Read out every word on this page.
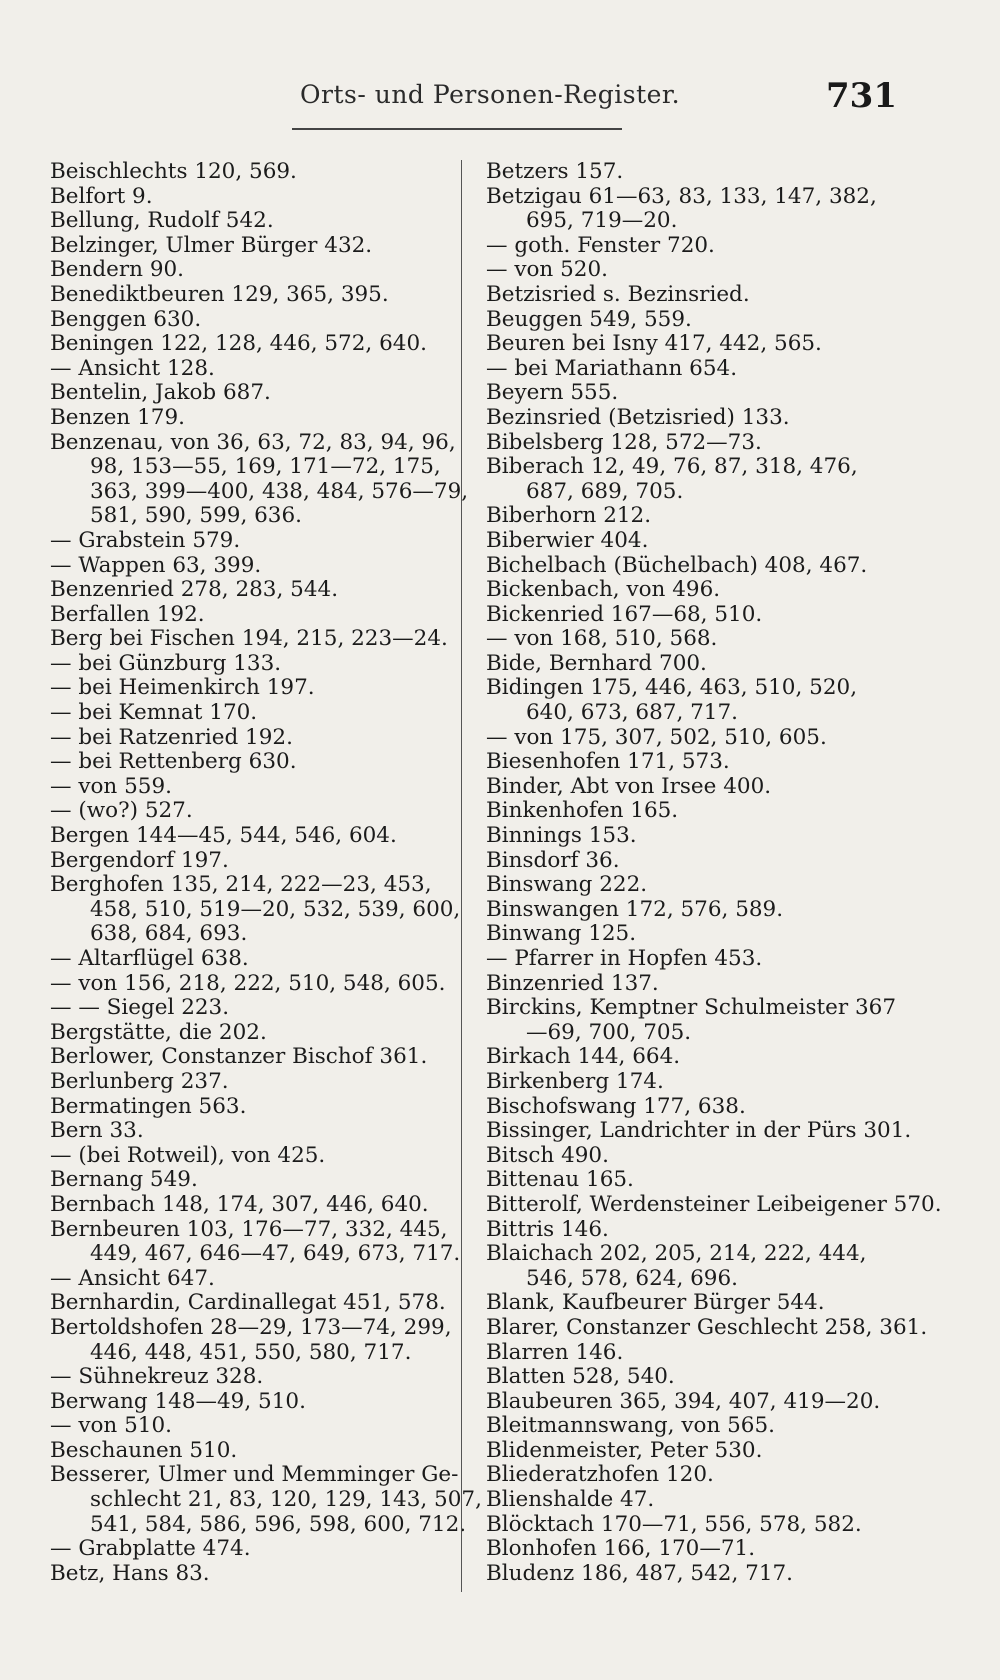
Orts- und Personen-Register.	731
Beischlechts 120, 569.
Belfort 9.
Bellung, Rudolf 542.
Belzinger, Ulmer Bürger 432.
Bendern 90.
Benediktbeuren 129, 365, 395.
Benggen 630.
Beningen 122, 128, 446, 572, 640.
— Ansicht 128.
Bentelin, Jakob 687.
Benzen 179.
Benzenau, von 36, 63, 72, 83, 94, 96,
98, 153—55, 169, 171—72, 175,
363, 399—400, 438, 484, 576—79,
581, 590, 599, 636.
— Grabstein 579.
— Wappen 63, 399.
Benzenried 278, 283, 544.
Berfallen 192.
Berg bei Fischen 194, 215, 223—24.
— bei Günzburg 133.
— bei Heimenkirch 197.
— bei Kemnat 170.
— bei Ratzenried 192.
— bei Rettenberg 630.
— von 559.
— (wo?) 527.
Bergen 144—45, 544, 546, 604.
Bergendorf 197.
Berghofen 135, 214, 222—23, 453,
458, 510, 519—20, 532, 539, 600,
638, 684, 693.
— Altarflügel 638.
— von 156, 218, 222, 510, 548, 605.
— — Siegel 223.
Bergstätte, die 202.
Berlower, Constanzer Bischof 361.
Berlunberg 237.
Bermatingen 563.
Bern 33.
— (bei Rotweil), von 425.
Bernang 549.
Bernbach 148, 174, 307, 446, 640.
Bernbeuren 103, 176—77, 332, 445,
449, 467, 646—47, 649, 673, 717.
— Ansicht 647.
Bernhardin, Cardinallegat 451, 578.
Bertoldshofen 28—29, 173—74, 299,
446, 448, 451, 550, 580, 717.
— Sühnekreuz 328.
Berwang 148—49, 510.
— von 510.
Beschaunen 510.
Besserer, Ulmer und Memminger Ge-
schlecht 21, 83, 120, 129, 143, 507,
541, 584, 586, 596, 598, 600, 712.
— Grabplatte 474.
Betz, Hans 83.
Betzers 157.
Betzigau 61—63, 83, 133, 147, 382,
695, 719—20.
— goth. Fenster 720.
— von 520.
Betzisried s. Bezinsried.
Beuggen 549, 559.
Beuren bei Isny 417, 442, 565.
— bei Mariathann 654.
Beyern 555.
Bezinsried (Betzisried) 133.
Bibelsberg 128, 572—73.
Biberach 12, 49, 76, 87, 318, 476,
687, 689, 705.
Biberhorn 212.
Biberwier 404.
Bichelbach (Büchelbach) 408, 467.
Bickenbach, von 496.
Bickenried 167—68, 510.
— von 168, 510, 568.
Bide, Bernhard 700.
Bidingen 175, 446, 463, 510, 520,
640, 673, 687, 717.
— von 175, 307, 502, 510, 605.
Biesenhofen 171, 573.
Binder, Abt von Irsee 400.
Binkenhofen 165.
Binnings 153.
Binsdorf 36.
Binswang 222.
Binswangen 172, 576, 589.
Binwang 125.
— Pfarrer in Hopfen 453.
Binzenried 137.
Birckins, Kemptner Schulmeister 367
—69, 700, 705.
Birkach 144, 664.
Birkenberg 174.
Bischofswang 177, 638.
Bissinger, Landrichter in der Pürs 301.
Bitsch 490.
Bittenau 165.
Bitterolf, Werdensteiner Leibeigener 570.
Bittris 146.
Blaichach 202, 205, 214, 222, 444,
546, 578, 624, 696.
Blank, Kaufbeurer Bürger 544.
Blarer, Constanzer Geschlecht 258, 361.
Blarren 146.
Blatten 528, 540.
Blaubeuren 365, 394, 407, 419—20.
Bleitmannswang, von 565.
Blidenmeister, Peter 530.
Bliederatzhofen 120.
Blienshalde 47.
Blöcktach 170—71, 556, 578, 582.
Blonhofen 166, 170—71.
Bludenz 186, 487, 542, 717.
